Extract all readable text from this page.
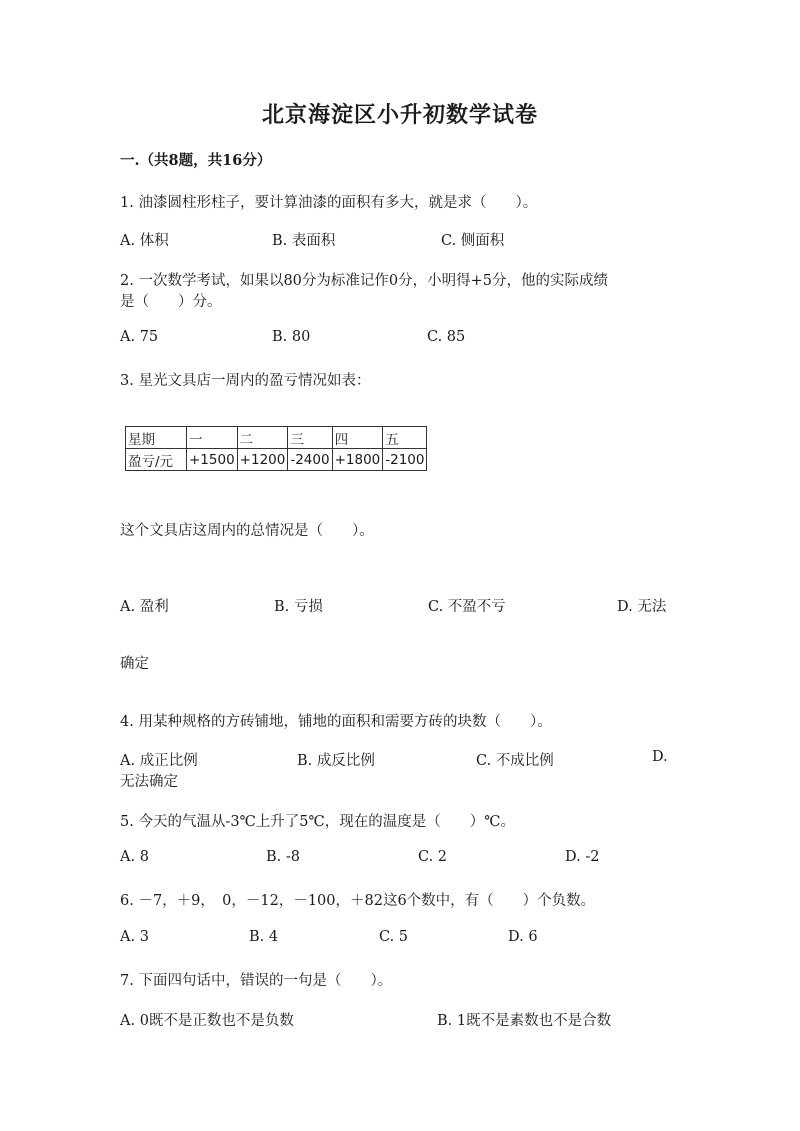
北京海淀区小升初数学试卷
一.（共8题，共16分）
1. 油漆圆柱形柱子，要计算油漆的面积有多大，就是求（　　）。
A. 体积	B. 表面积	C. 侧面积
2. 一次数学考试，如果以80分为标准记作0分，小明得+5分，他的实际成绩
是（　　）分。
A. 75	B. 80	C. 85
3. 星光文具店一周内的盈亏情况如表：
星期	一	二	三	四	五
盈亏/元	+1500	+1200	-2400	+1800	-2100
这个文具店这周内的总情况是（　　）。
A. 盈利	B. 亏损	C. 不盈不亏	D. 无法
确定
4. 用某种规格的方砖铺地，铺地的面积和需要方砖的块数（　　）。
A. 成正比例	B. 成反比例	C. 不成比例	D.
无法确定
5. 今天的气温从-3℃上升了5℃，现在的温度是（　　）℃。
A. 8	B. -8	C. 2	D. -2
6. －7，＋9，　0，－12，－100，＋82这6个数中，有（　　）个负数。
A. 3	B. 4	C. 5	D. 6
7. 下面四句话中，错误的一句是（　　）。
A. 0既不是正数也不是负数	B. 1既不是素数也不是合数
